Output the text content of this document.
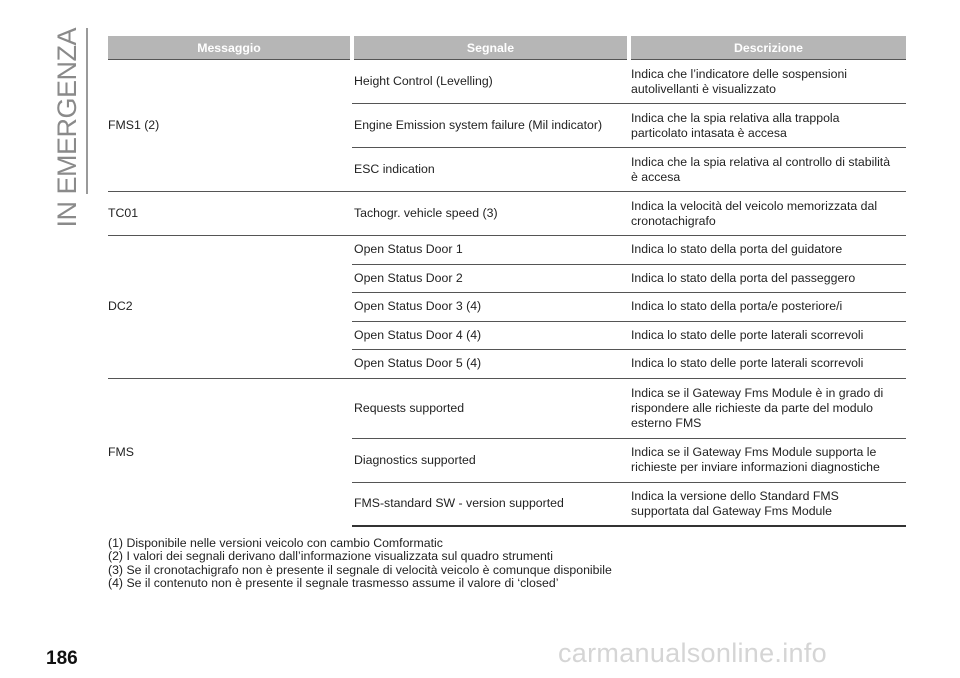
IN EMERGENZA	Messaggio	Segnale	Descrizione
FMS1 (2)	Height Control (Levelling)	Indica che l’indicatore delle sospensioni
autolivellanti è visualizzato

	Engine Emission system failure (Mil indicator)	Indica che la spia relativa alla trappola
particolato intasata è accesa

	ESC indication	Indica che la spia relativa al controllo di stabilità
è accesa

TC01	Tachogr. vehicle speed (3)	Indica la velocità del veicolo memorizzata dal
cronotachigrafo

DC2	Open Status Door 1	Indica lo stato della porta del guidatore

	Open Status Door 2	Indica lo stato della porta del passeggero

	Open Status Door 3 (4)	Indica lo stato della porta/e posteriore/i

	Open Status Door 4 (4)	Indica lo stato delle porte laterali scorrevoli

	Open Status Door 5 (4)	Indica lo stato delle porte laterali scorrevoli

FMS	Requests supported	Indica se il Gateway Fms Module è in grado di
rispondere alle richieste da parte del modulo
esterno FMS

	Diagnostics supported	Indica se il Gateway Fms Module supporta le
richieste per inviare informazioni diagnostiche

	FMS-standard SW - version supported	Indica la versione dello Standard FMS
supportata dal Gateway Fms Module
(1) Disponibile nelle versioni veicolo con cambio Comformatic
(2) I valori dei segnali derivano dall’informazione visualizzata sul quadro strumenti
(3) Se il cronotachigrafo non è presente il segnale di velocità veicolo è comunque disponibile
(4) Se il contenuto non è presente il segnale trasmesso assume il valore di ‘closed’
186	carmanualsonline.info
